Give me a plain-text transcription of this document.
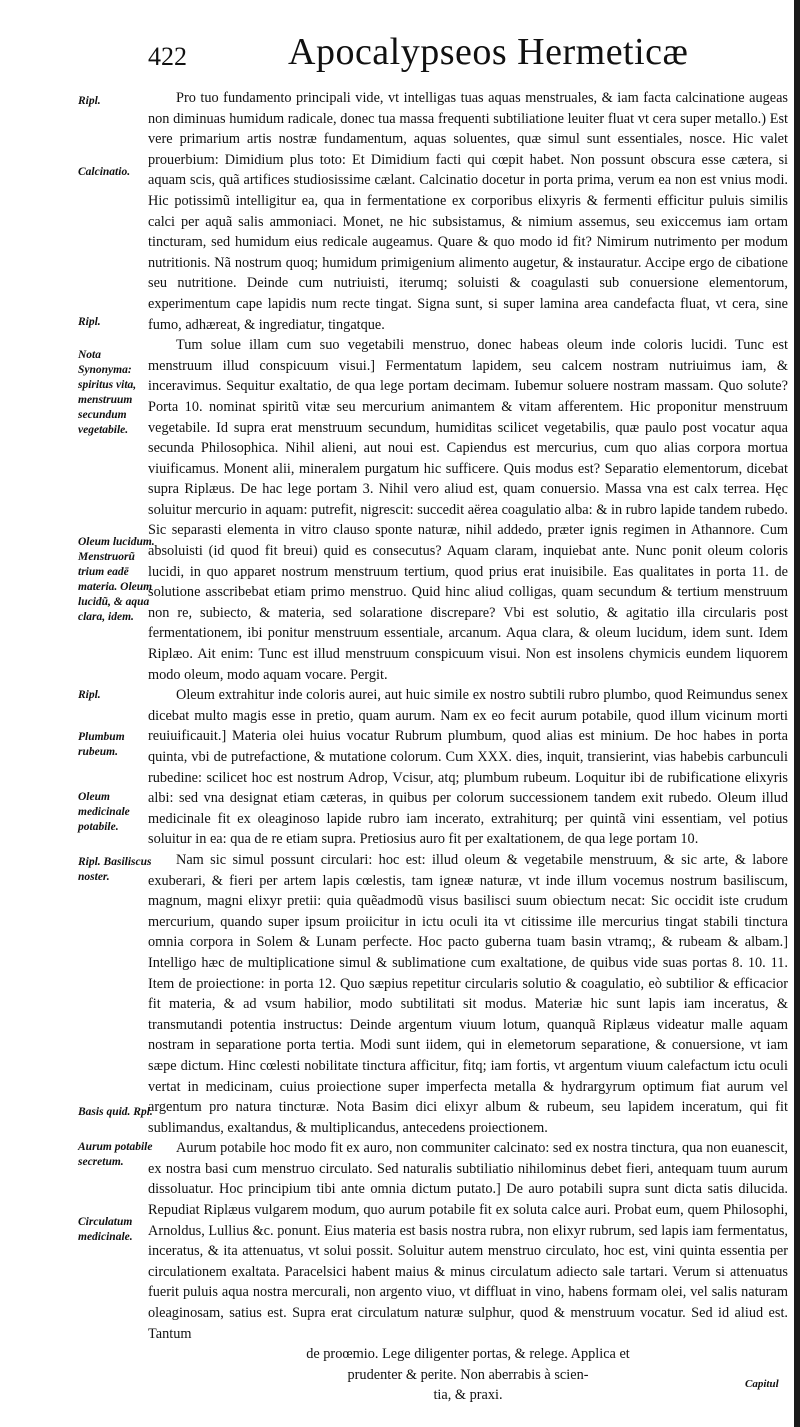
422	Apocalypseos Hermeticæ
Ripl.
Calcinatio.
Ripl.
Nota Synonyma: spiritus vita, menstruum secundum vegetabile.
Oleum lucidum. Menstruorũ trium eadē materia. Oleum lucidũ, & aqua clara, idem.
Ripl.
Plumbum rubeum.
Oleum medicinale potabile.
Ripl. Basiliscus noster.
Basis quid. Rpl.
Aurum potabile secretum.
Circulatum medicinale.

Pro tuo fundamento principali vide, vt intelligas tuas aquas menstruales, & iam facta calcinatione augeas non diminuas humidum radicale, donec tua massa frequenti subtiliatione leuiter fluat vt cera super metallo.) Est vere primarium artis nostræ fundamentum, aquas soluentes, quæ simul sunt essentiales, nosce. Hic valet prouerbium: Dimidium plus toto: Et Dimidium facti qui cœpit habet. Non possunt obscura esse cætera, si aquam scis, quã artifices studiosissime cælant. Calcinatio docetur in porta prima, verum ea non est vnius modi. Hic potissimũ intelligitur ea, qua in fermentatione ex corporibus elixyris & fermenti efficitur puluis similis calci per aquã salis ammoniaci. Monet, ne hic subsistamus, & nimium assemus, seu exiccemus iam ortam tincturam, sed humidum eius redicale augeamus. Quare & quo modo id fit? Nimirum nutrimento per modum nutritionis. Nã nostrum quoq; humidum primigenium alimento augetur, & instauratur. Accipe ergo de cibatione seu nutritione. Deinde cum nutriuisti, iterumq; soluisti & coagulasti sub conuersione elementorum, experimentum cape lapidis num recte tingat. Signa sunt, si super lamina area candefacta fluat, vt cera, sine fumo, adhæreat, & ingrediatur, tingatque.

Tum solue illam cum suo vegetabili menstruo, donec habeas oleum inde coloris lucidi. Tunc est menstruum illud conspicuum visui.] Fermentatum lapidem, seu calcem nostram nutriuimus iam, & inceravimus. Sequitur exaltatio, de qua lege portam decimam. Iubemur soluere nostram massam. Quo solute? Porta 10. nominat spiritũ vitæ seu mercurium animantem & vitam afferentem. Hic proponitur menstruum vegetabile. Id supra erat menstruum secundum, humiditas scilicet vegetabilis, quæ paulo post vocatur aqua secunda Philosophica. Nihil alieni, aut noui est. Capiendus est mercurius, cum quo alias corpora mortua viuificamus. Monent alii, mineralem purgatum hic sufficere. Quis modus est? Separatio elementorum, dicebat supra Riplæus. De hac lege portam 3. Nihil vero aliud est, quam conuersio. Massa vna est calx terrea. Hęc soluitur mercurio in aquam: putrefit, nigrescit: succedit aërea coagulatio alba: & in rubro lapide tandem rubedo. Sic separasti elementa in vitro clauso sponte naturæ, nihil addedo, præter ignis regimen in Athannore. Cum absoluisti (id quod fit breui) quid es consecutus? Aquam claram, inquiebat ante. Nunc ponit oleum coloris lucidi, in quo apparet nostrum menstruum tertium, quod prius erat inuisibile. Eas qualitates in porta 11. de solutione asscribebat etiam primo menstruo. Quid hinc aliud colligas, quam secundum & tertium menstruum non re, subiecto, & materia, sed solaratione discrepare? Vbi est solutio, & agitatio illa circularis post fermentationem, ibi ponitur menstruum essentiale, arcanum. Aqua clara, & oleum lucidum, idem sunt. Idem Riplæo. Ait enim: Tunc est illud menstruum conspicuum visui. Non est insolens chymicis eundem liquorem modo oleum, modo aquam vocare. Pergit.

Oleum extrahitur inde coloris aurei, aut huic simile ex nostro subtili rubro plumbo, quod Reimundus senex dicebat multo magis esse in pretio, quam aurum. Nam ex eo fecit aurum potabile, quod illum vicinum morti reuiuificauit.] Materia olei huius vocatur Rubrum plumbum, quod alias est minium. De hoc habes in porta quinta, vbi de putrefactione, & mutatione colorum. Cum XXX. dies, inquit, transierint, vias habebis carbunculi rubedine: scilicet hoc est nostrum Adrop, Vcisur, atq; plumbum rubeum. Loquitur ibi de rubificatione elixyris albi: sed vna designat etiam cæteras, in quibus per colorum successionem tandem exit rubedo. Oleum illud medicinale fit ex oleaginoso lapide rubro iam incerato, extrahiturq; per quintã vini essentiam, vel potius soluitur in ea: qua de re etiam supra. Pretiosius auro fit per exaltationem, de qua lege portam 10.

Nam sic simul possunt circulari: hoc est: illud oleum & vegetabile menstruum, & sic arte, & labore exuberari, & fieri per artem lapis cœlestis, tam igneæ naturæ, vt inde illum vocemus nostrum basiliscum, magnum, magni elixyr pretii: quia quẽadmodũ visus basilisci suum obiectum necat: Sic occidit iste crudum mercurium, quando super ipsum proiicitur in ictu oculi ita vt citissime ille mercurius tingat stabili tinctura omnia corpora in Solem & Lunam perfecte. Hoc pacto guberna tuam basin vtramq;, & rubeam & albam.] Intelligo hæc de multiplicatione simul & sublimatione cum exaltatione, de quibus vide suas portas 8. 10. 11. Item de proiectione: in porta 12. Quo sæpius repetitur circularis solutio & coagulatio, eò subtilior & efficacior fit materia, & ad vsum habilior, modo subtilitati sit modus. Materiæ hic sunt lapis iam inceratus, & transmutandi potentia instructus: Deinde argentum viuum lotum, quanquã Riplæus videatur malle aquam nostram in separatione porta tertia. Modi sunt iidem, qui in elemetorum separatione, & conuersione, vt iam sæpe dictum. Hinc cœlesti nobilitate tinctura afficitur, fitq; iam fortis, vt argentum viuum calefactum ictu oculi vertat in medicinam, cuius proiectione super imperfecta metalla & hydrargyrum optimum fiat aurum vel argentum pro natura tincturæ. Nota Basim dici elixyr album & rubeum, seu lapidem inceratum, qui fit sublimandus, exaltandus, & multiplicandus, antecedens proiectionem.

Aurum potabile hoc modo fit ex auro, non communiter calcinato: sed ex nostra tinctura, qua non euanescit, ex nostra basi cum menstruo circulato. Sed naturalis subtiliatio nihilominus debet fieri, antequam tuum aurum dissoluatur. Hoc principium tibi ante omnia dictum putato.] De auro potabili supra sunt dicta satis dilucida. Repudiat Riplæus vulgarem modum, quo aurum potabile fit ex soluta calce auri. Probat eum, quem Philosophi, Arnoldus, Lullius &c. ponunt. Eius materia est basis nostra rubra, non elixyr rubrum, sed lapis iam fermentatus, inceratus, & ita attenuatus, vt solui possit. Soluitur autem menstruo circulato, hoc est, vini quinta essentia per circulationem exaltata. Paracelsici habent maius & minus circulatum adiecto sale tartari. Verum si attenuatus fuerit puluis aqua nostra mercurali, non argento viuo, vt diffluat in vino, habens formam olei, vel salis naturam oleaginosam, satius est. Supra erat circulatum naturæ sulphur, quod & menstruum vocatur. Sed id aliud est. Tantum

de proœmio. Lege diligenter portas, & relege. Applica et

prudenter & perite. Non aberrabis à scien-

tia, & praxi.

Capitul
